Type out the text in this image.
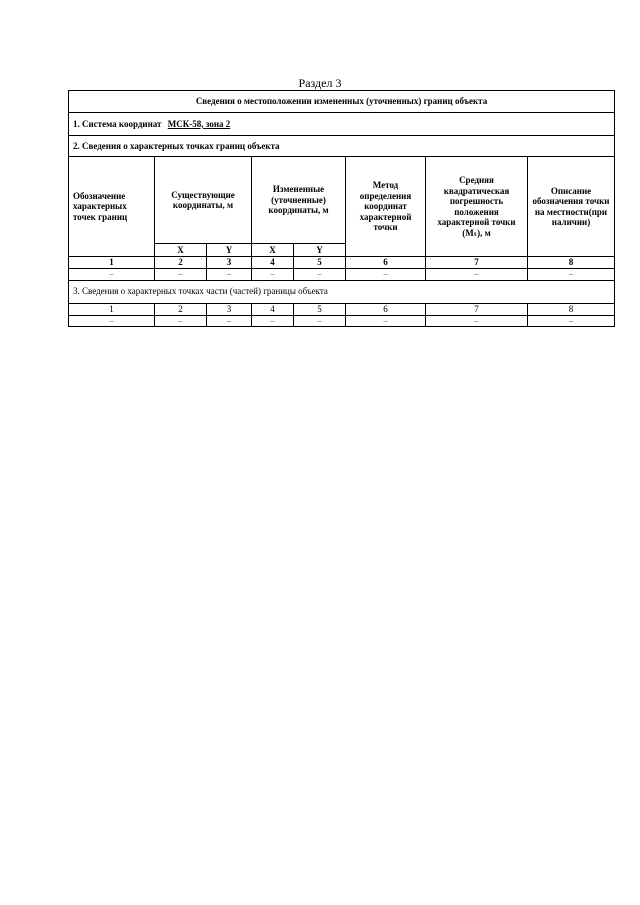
Раздел 3
Сведения о местоположении измененных (уточненных) границ объекта							
1. Система координат МСК-58, зона 2							
2. Сведения о характерных точках границ объекта							
Обозначение характерных точек границ	Существующие координаты, м		Измененные (уточненные) координаты, м		Метод определения координат характерной точки	Средняя квадратическая погрешность положения характерной точки (Mₜ), м	Описание обозначения точки на местности(при наличии)
	X	Y	X	Y			
1	2	3	4	5	6	7	8
–	–	–	–	–	–	–	–
3. Сведения о характерных точках части (частей) границы объекта							
1	2	3	4	5	6	7	8
–	–	–	–	–	–	–	–
